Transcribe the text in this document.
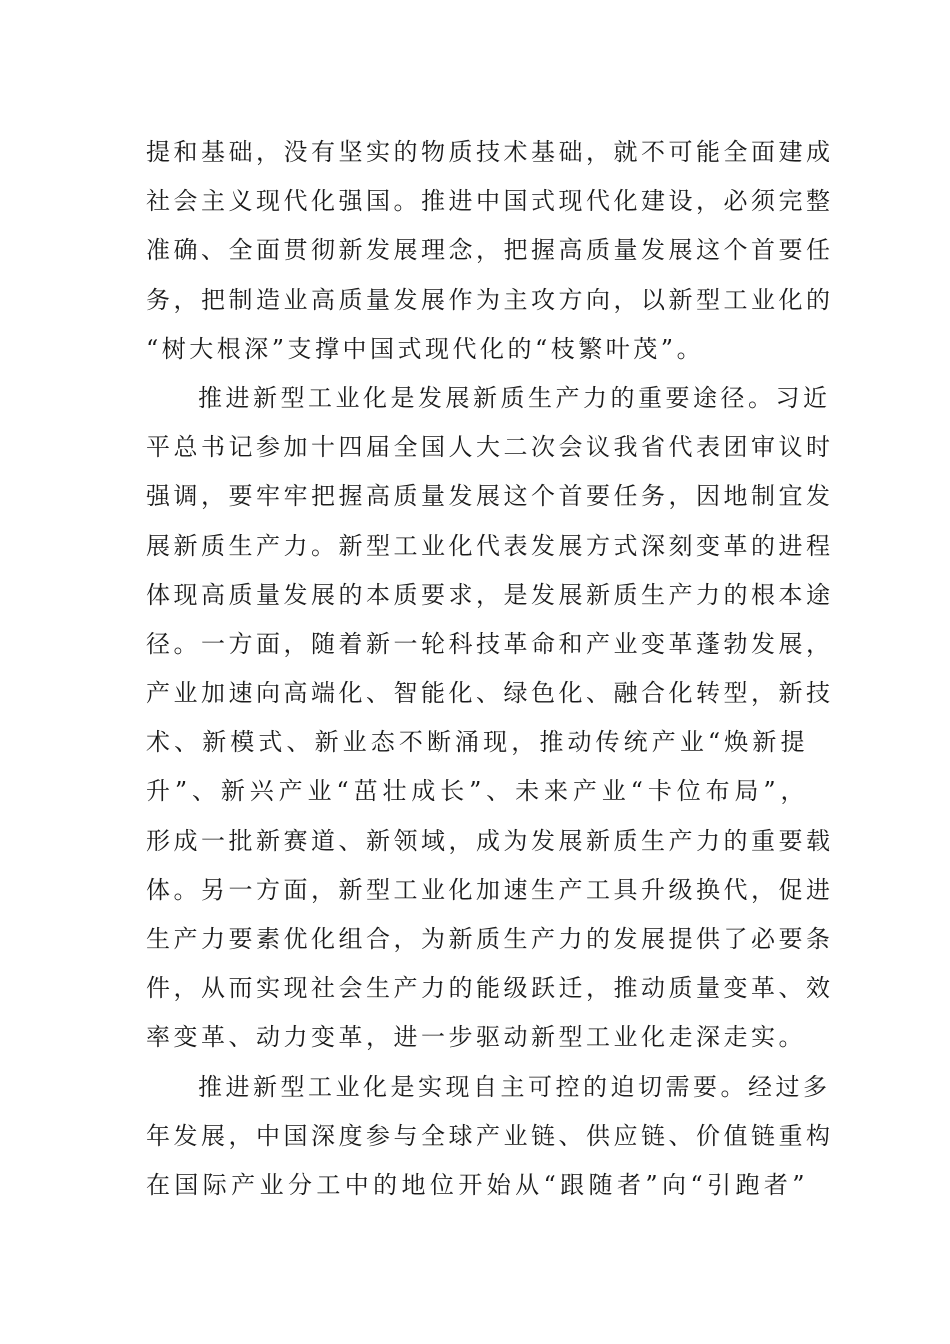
提和基础，没有坚实的物质技术基础，就不可能全面建成
社会主义现代化强国。推进中国式现代化建设，必须完整
准确、全面贯彻新发展理念，把握高质量发展这个首要任
务，把制造业高质量发展作为主攻方向，以新型工业化的
“树大根深”支撑中国式现代化的“枝繁叶茂”。
推进新型工业化是发展新质生产力的重要途径。习近
平总书记参加十四届全国人大二次会议我省代表团审议时
强调，要牢牢把握高质量发展这个首要任务，因地制宜发
展新质生产力。新型工业化代表发展方式深刻变革的进程
体现高质量发展的本质要求，是发展新质生产力的根本途
径。一方面，随着新一轮科技革命和产业变革蓬勃发展，
产业加速向高端化、智能化、绿色化、融合化转型，新技
术、新模式、新业态不断涌现，推动传统产业“焕新提
升”、新兴产业“茁壮成长”、未来产业“卡位布局”，
形成一批新赛道、新领域，成为发展新质生产力的重要载
体。另一方面，新型工业化加速生产工具升级换代，促进
生产力要素优化组合，为新质生产力的发展提供了必要条
件，从而实现社会生产力的能级跃迁，推动质量变革、效
率变革、动力变革，进一步驱动新型工业化走深走实。
推进新型工业化是实现自主可控的迫切需要。经过多
年发展，中国深度参与全球产业链、供应链、价值链重构
在国际产业分工中的地位开始从“跟随者”向“引跑者”
